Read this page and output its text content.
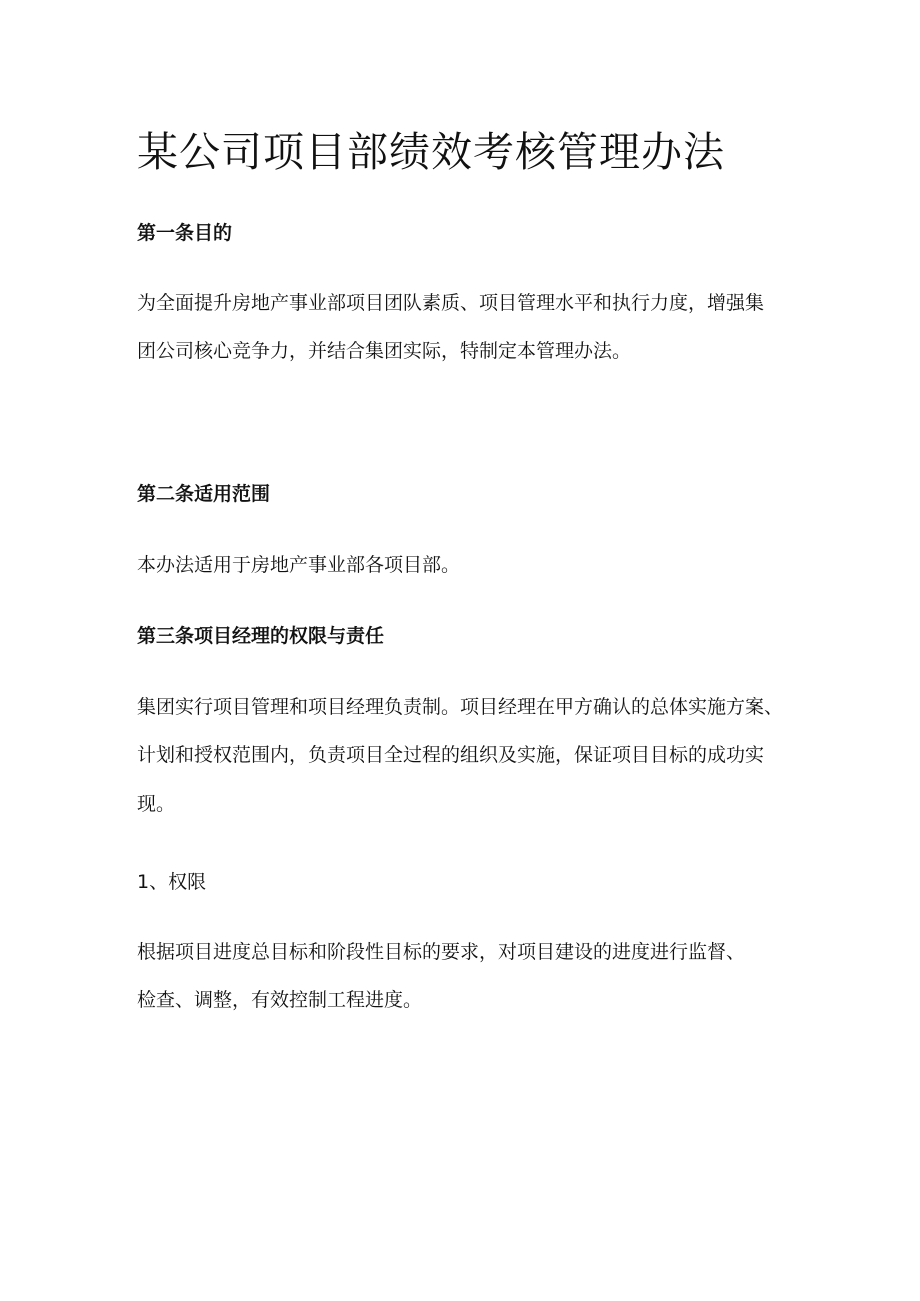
某公司项目部绩效考核管理办法
第一条目的

为全面提升房地产事业部项目团队素质、项目管理水平和执行力度，增强集

团公司核心竞争力，并结合集团实际，特制定本管理办法。

第二条适用范围

本办法适用于房地产事业部各项目部。

第三条项目经理的权限与责任

集团实行项目管理和项目经理负责制。项目经理在甲方确认的总体实施方案、

计划和授权范围内，负责项目全过程的组织及实施，保证项目目标的成功实

现。

1、权限

根据项目进度总目标和阶段性目标的要求，对项目建设的进度进行监督、

检查、调整，有效控制工程进度。
